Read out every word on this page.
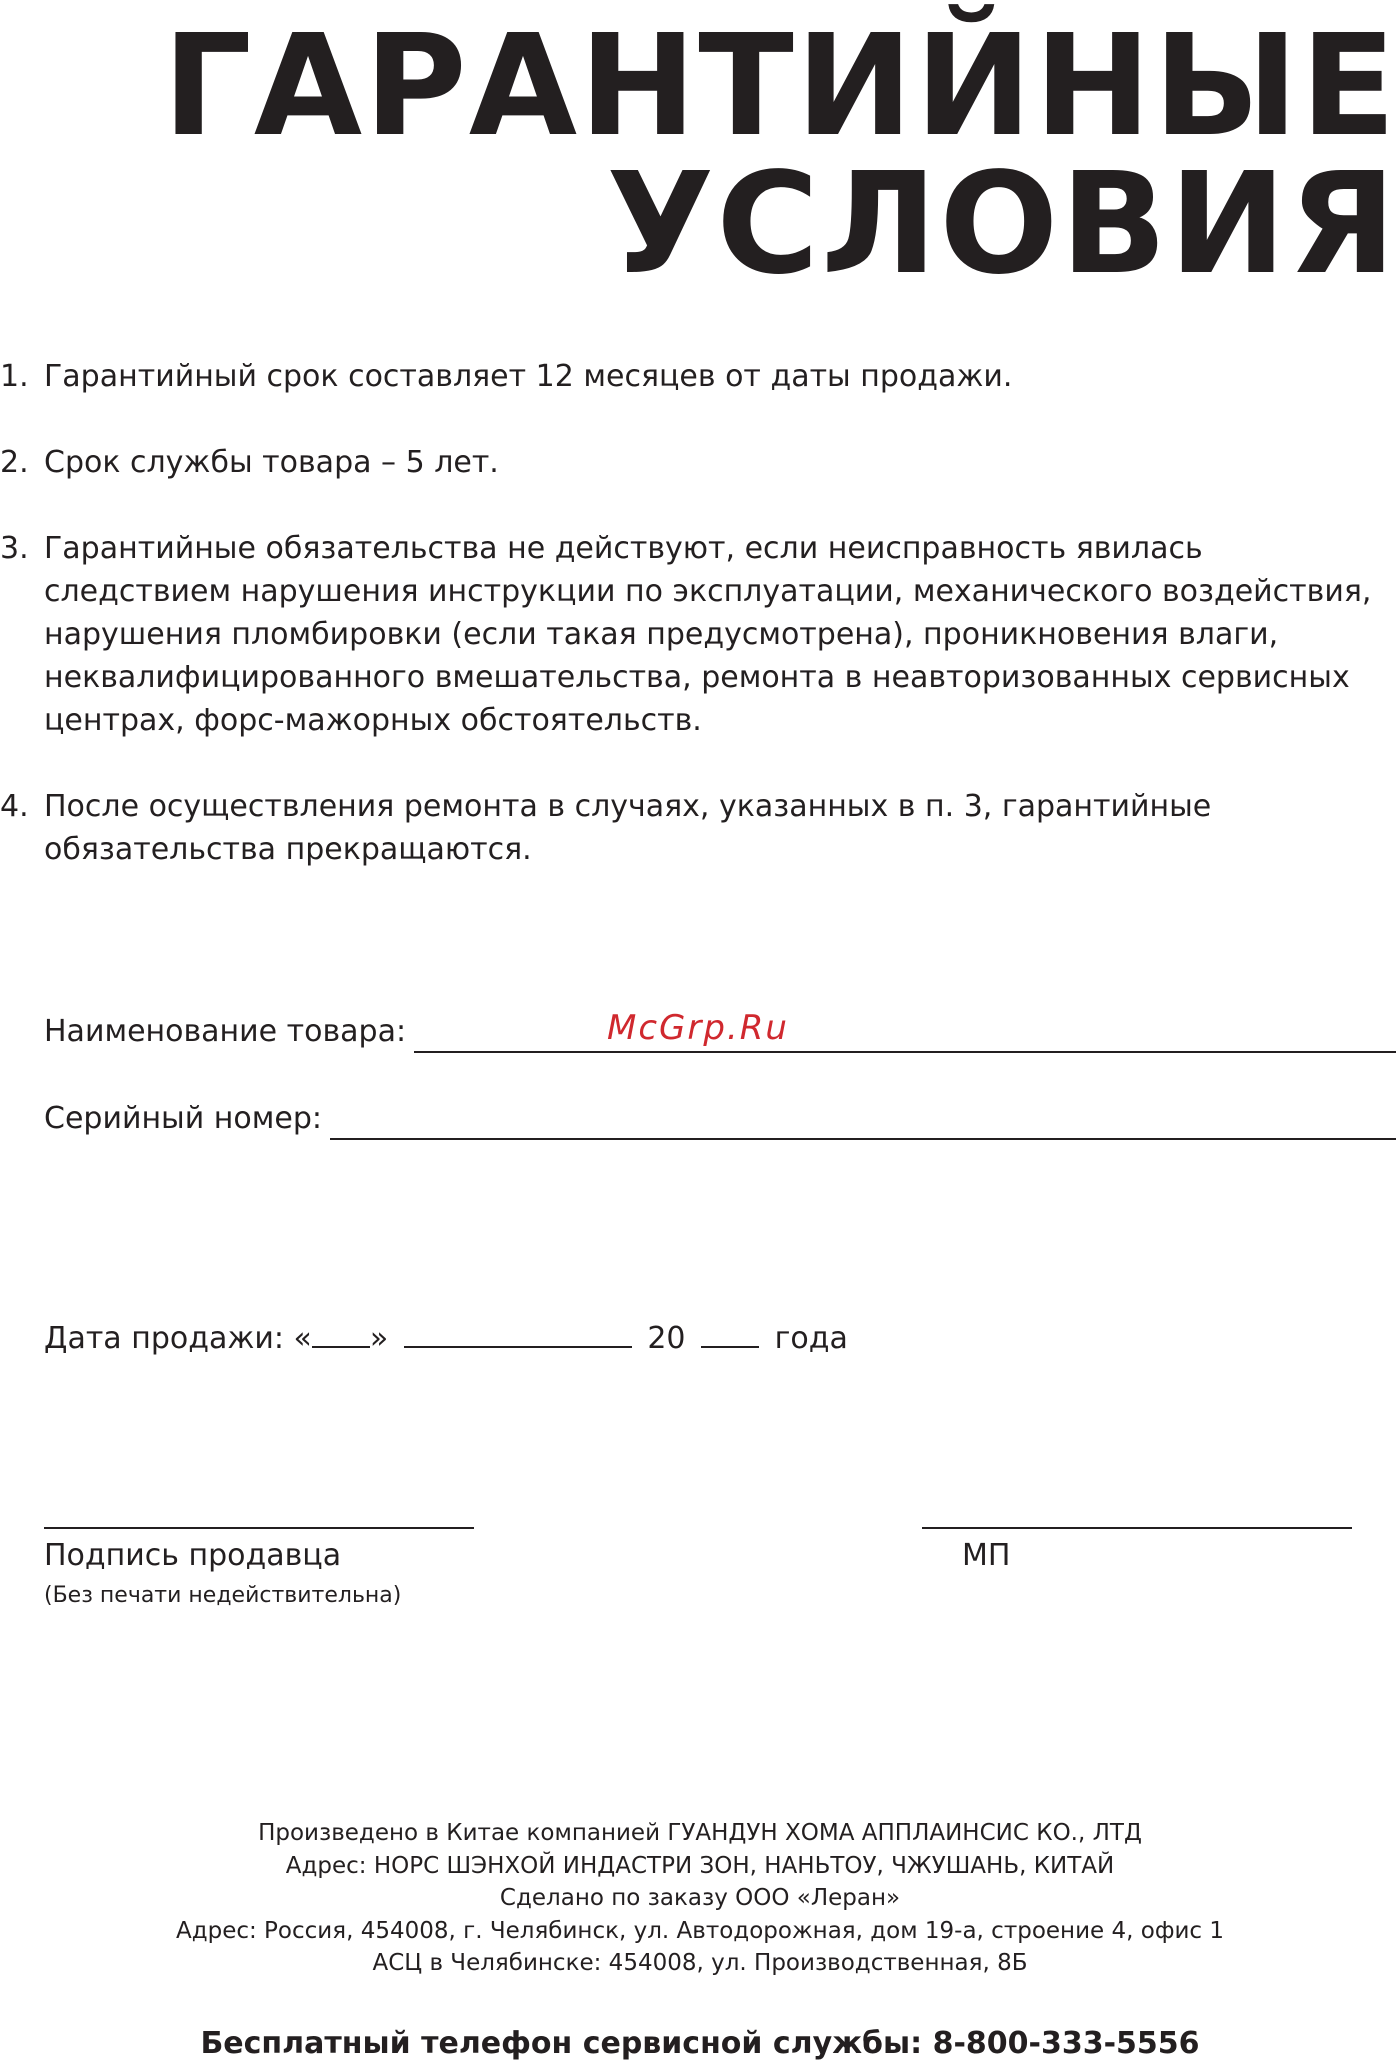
ГАРАНТИЙНЫЕ
УСЛОВИЯ
1. Гарантийный срок составляет 12 месяцев от даты продажи.
2. Срок службы товара – 5 лет.
3. Гарантийные обязательства не действуют, если неисправность явилась следствием нарушения инструкции по эксплуатации, механического воздействия, нарушения пломбировки (если такая предусмотрена), проникновения влаги, неквалифицированного вмешательства, ремонта в неавторизованных сервисных центрах, форс-мажорных обстоятельств.
4. После осуществления ремонта в случаях, указанных в п. 3, гарантийные обязательства прекращаются.
Наименование товара:	McGrp.Ru
Серийный номер:
Дата продажи: « »	20	года
Подпись продавца
(Без печати недействительна)
МП
Произведено в Китае компанией ГУАНДУН ХОМА АППЛАИНСИС КО., ЛТД
Адрес: НОРС ШЭНХОЙ ИНДАСТРИ ЗОН, НАНЬТОУ, ЧЖУШАНЬ, КИТАЙ
Сделано по заказу ООО «Леран»
Адрес: Россия, 454008, г. Челябинск, ул. Автодорожная, дом 19-а, строение 4, офис 1
АСЦ в Челябинске: 454008, ул. Производственная, 8Б
Бесплатный телефон сервисной службы: 8-800-333-5556
